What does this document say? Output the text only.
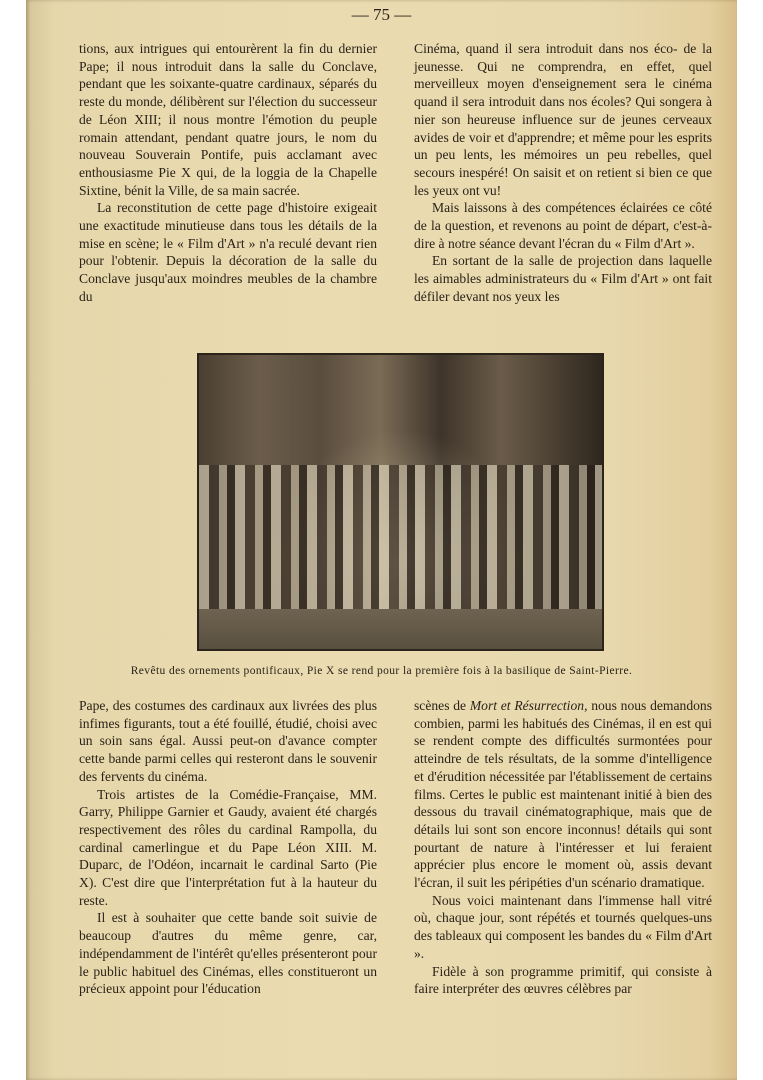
— 75 —

tions, aux intrigues qui entourèrent la fin du dernier Pape; il nous introduit dans la salle du Conclave, pendant que les soixante-quatre cardinaux, séparés du reste du monde, délibèrent sur l'élection du successeur de Léon XIII; il nous montre l'émotion du peuple romain attendant, pendant quatre jours, le nom du nouveau Souverain Pontife, puis acclamant avec enthousiasme Pie X qui, de la loggia de la Chapelle Sixtine, bénit la Ville, de sa main sacrée.

La reconstitution de cette page d'histoire exigeait une exactitude minutieuse dans tous les détails de la mise en scène; le « Film d'Art » n'a reculé devant rien pour l'obtenir. Depuis la décoration de la salle du Conclave jusqu'aux moindres meubles de la chambre du

Cinéma, quand il sera introduit dans nos éco- de la jeunesse. Qui ne comprendra, en effet, quel merveilleux moyen d'enseignement sera le cinéma quand il sera introduit dans nos écoles? Qui songera à nier son heureuse influence sur de jeunes cerveaux avides de voir et d'apprendre; et même pour les esprits un peu lents, les mémoires un peu rebelles, quel secours inespéré! On saisit et on retient si bien ce que les yeux ont vu!

Mais laissons à des compétences éclairées ce côté de la question, et revenons au point de départ, c'est-à-dire à notre séance devant l'écran du « Film d'Art ».

En sortant de la salle de projection dans laquelle les aimables administrateurs du « Film d'Art » ont fait défiler devant nos yeux les

Revêtu des ornements pontificaux, Pie X se rend pour la première fois à la basilique de Saint-Pierre.

Pape, des costumes des cardinaux aux livrées des plus infimes figurants, tout a été fouillé, étudié, choisi avec un soin sans égal. Aussi peut-on d'avance compter cette bande parmi celles qui resteront dans le souvenir des fervents du cinéma.

Trois artistes de la Comédie-Française, MM. Garry, Philippe Garnier et Gaudy, avaient été chargés respectivement des rôles du cardinal Rampolla, du cardinal camerlingue et du Pape Léon XIII. M. Duparc, de l'Odéon, incarnait le cardinal Sarto (Pie X). C'est dire que l'interprétation fut à la hauteur du reste.

Il est à souhaiter que cette bande soit suivie de beaucoup d'autres du même genre, car, indépendamment de l'intérêt qu'elles présenteront pour le public habituel des Cinémas, elles constitueront un précieux appoint pour l'éducation

scènes de Mort et Résurrection, nous nous demandons combien, parmi les habitués des Cinémas, il en est qui se rendent compte des difficultés surmontées pour atteindre de tels résultats, de la somme d'intelligence et d'érudition nécessitée par l'établissement de certains films. Certes le public est maintenant initié à bien des dessous du travail cinématographique, mais que de détails lui sont son encore inconnus! détails qui sont pourtant de nature à l'intéresser et lui feraient apprécier plus encore le moment où, assis devant l'écran, il suit les péripéties d'un scénario dramatique.

Nous voici maintenant dans l'immense hall vitré où, chaque jour, sont répétés et tournés quelques-uns des tableaux qui composent les bandes du « Film d'Art ».

Fidèle à son programme primitif, qui consiste à faire interpréter des œuvres célèbres par
